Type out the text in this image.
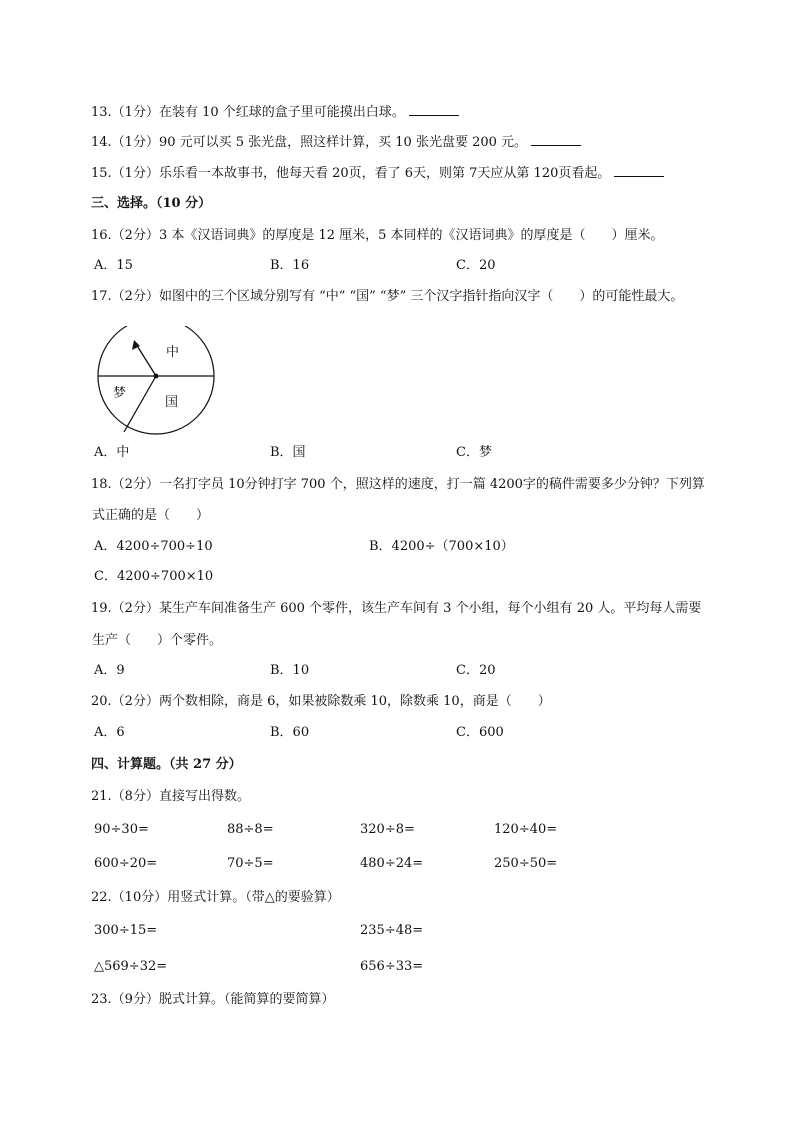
13.（1分）在装有 10 个红球的盒子里可能摸出白球。
14.（1分）90 元可以买 5 张光盘，照这样计算，买 10 张光盘要 200 元。
15.（1分）乐乐看一本故事书，他每天看 20页，看了 6天，则第 7天应从第 120页看起。
三、选择。（10 分）
16.（2分）3 本《汉语词典》的厚度是 12 厘米，5 本同样的《汉语词典》的厚度是（　　）厘米。
A．15	B．16	C．20
17.（2分）如图中的三个区域分别写有 “中” “国” “梦” 三个汉字指针指向汉字（　　）的可能性最大。
中
梦
国
A．中	B．国	C．梦
18.（2分）一名打字员 10分钟打字 700 个，照这样的速度，打一篇 4200字的稿件需要多少分钟？下列算
式正确的是（　　）
A．4200÷700÷10	B．4200÷（700×10）
C．4200÷700×10
19.（2分）某生产车间准备生产 600 个零件，该生产车间有 3 个小组，每个小组有 20 人。平均每人需要
生产（　　）个零件。
A．9	B．10	C．20
20.（2分）两个数相除，商是 6，如果被除数乘 10，除数乘 10，商是（　　）
A．6	B．60	C．600
四、计算题。（共 27 分）
21.（8分）直接写出得数。
90÷30=	88÷8=	320÷8=	120÷40=
600÷20=	70÷5=	480÷24=	250÷50=
22.（10分）用竖式计算。（带△的要验算）
300÷15=	235÷48=
△569÷32=	656÷33=
23.（9分）脱式计算。（能简算的要简算）
